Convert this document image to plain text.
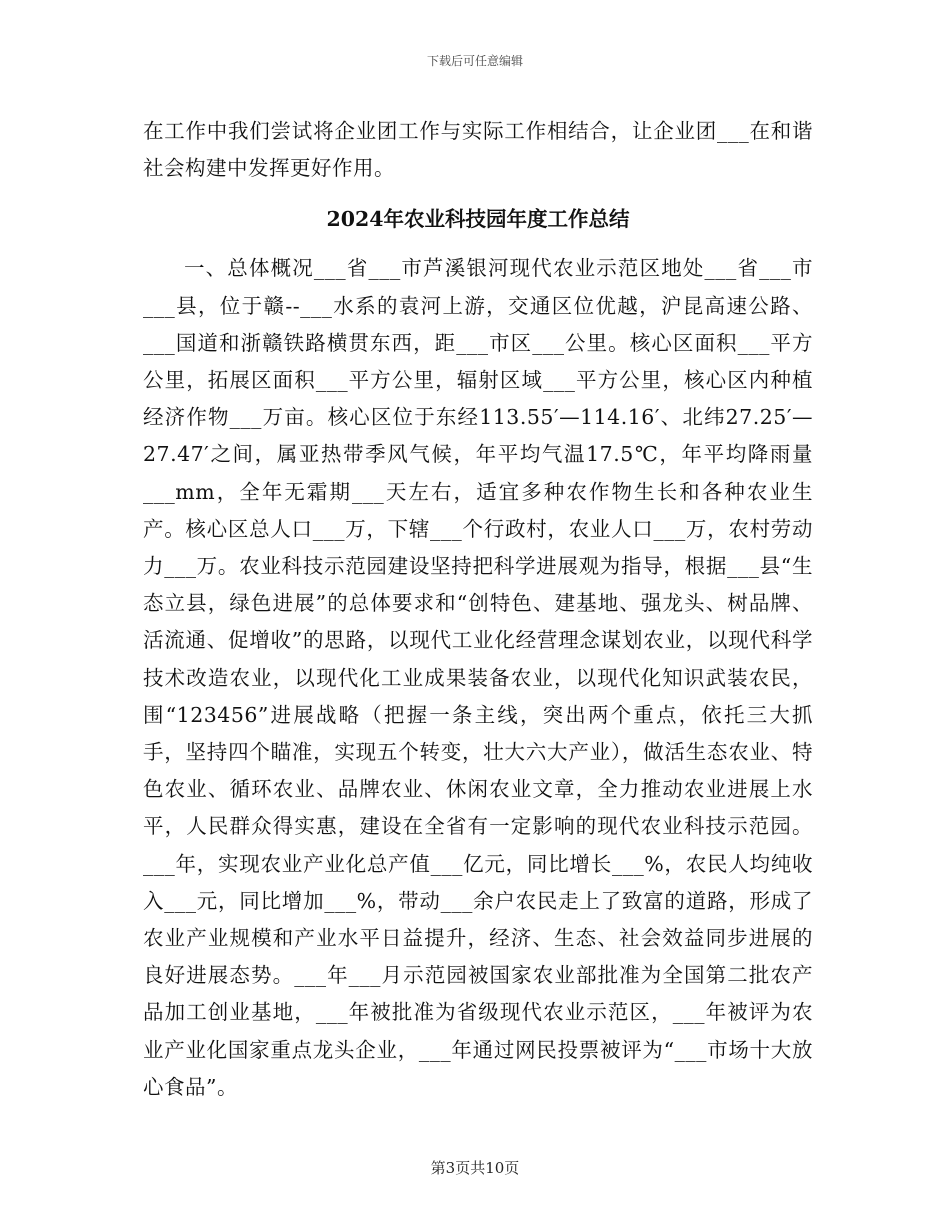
下载后可任意编辑

在工作中我们尝试将企业团工作与实际工作相结合，让企业团___在和谐社会构建中发挥更好作用。

2024年农业科技园年度工作总结

一、总体概况___省___市芦溪银河现代农业示范区地处___省___市___县，位于赣--___水系的袁河上游，交通区位优越，沪昆高速公路、___国道和浙赣铁路横贯东西，距___市区___公里。核心区面积___平方公里，拓展区面积___平方公里，辐射区域___平方公里，核心区内种植经济作物___万亩。核心区位于东经113.55′—114.16′、北纬27.25′—27.47′之间，属亚热带季风气候，年平均气温17.5℃，年平均降雨量___mm，全年无霜期___天左右，适宜多种农作物生长和各种农业生产。核心区总人口___万，下辖___个行政村，农业人口___万，农村劳动力___万。农业科技示范园建设坚持把科学进展观为指导，根据___县“生态立县，绿色进展”的总体要求和“创特色、建基地、强龙头、树品牌、活流通、促增收”的思路，以现代工业化经营理念谋划农业，以现代科学技术改造农业，以现代化工业成果装备农业，以现代化知识武装农民，围“123456”进展战略（把握一条主线，突出两个重点，依托三大抓手，坚持四个瞄准，实现五个转变，壮大六大产业），做活生态农业、特色农业、循环农业、品牌农业、休闲农业文章，全力推动农业进展上水平，人民群众得实惠，建设在全省有一定影响的现代农业科技示范园。___年，实现农业产业化总产值___亿元，同比增长___%，农民人均纯收入___元，同比增加___%，带动___余户农民走上了致富的道路，形成了农业产业规模和产业水平日益提升，经济、生态、社会效益同步进展的良好进展态势。___年___月示范园被国家农业部批准为全国第二批农产品加工创业基地，___年被批准为省级现代农业示范区，___年被评为农业产业化国家重点龙头企业，___年通过网民投票被评为“___市场十大放心食品”。

第3页共10页
